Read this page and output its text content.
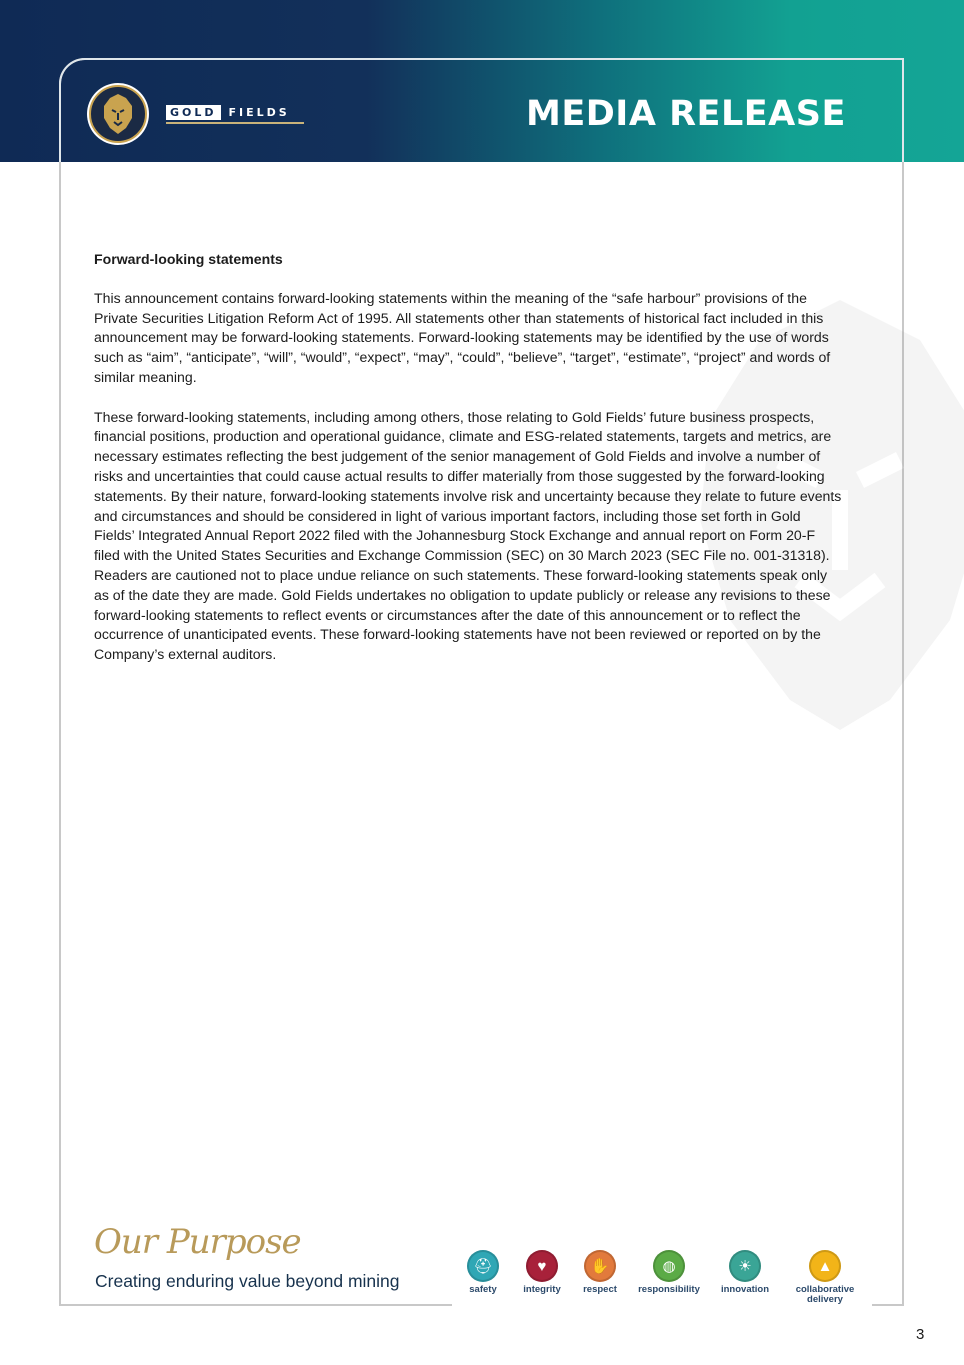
GOLD	FIELDS	MEDIA RELEASE
Forward-looking statements

This announcement contains forward-looking statements within the meaning of the “safe harbour” provisions of the Private Securities Litigation Reform Act of 1995. All statements other than statements of historical fact included in this announcement may be forward-looking statements. Forward-looking statements may be identified by the use of words such as “aim”, “anticipate”, “will”, “would”, “expect”, “may”, “could”, “believe”, “target”, “estimate”, “project” and words of similar meaning.

These forward-looking statements, including among others, those relating to Gold Fields’ future business prospects, financial positions, production and operational guidance, climate and ESG-related statements, targets and metrics, are necessary estimates reflecting the best judgement of the senior management of Gold Fields and involve a number of risks and uncertainties that could cause actual results to differ materially from those suggested by the forward-looking statements. By their nature, forward-looking statements involve risk and uncertainty because they relate to future events and circumstances and should be considered in light of various important factors, including those set forth in Gold Fields’ Integrated Annual Report 2022 filed with the Johannesburg Stock Exchange and annual report on Form 20-F filed with the United States Securities and Exchange Commission (SEC) on 30 March 2023 (SEC File no. 001-31318). Readers are cautioned not to place undue reliance on such statements. These forward-looking statements speak only as of the date they are made. Gold Fields undertakes no obligation to update publicly or release any revisions to these forward-looking statements to reflect events or circumstances after the date of this announcement or to reflect the occurrence of unanticipated events. These forward-looking statements have not been reviewed or reported on by the Company’s external auditors.

Our Purpose
Creating enduring value beyond mining
⛑
safety
♥
integrity
✋
respect
◍
responsibility
☀
innovation
▲
collaborative delivery
3
